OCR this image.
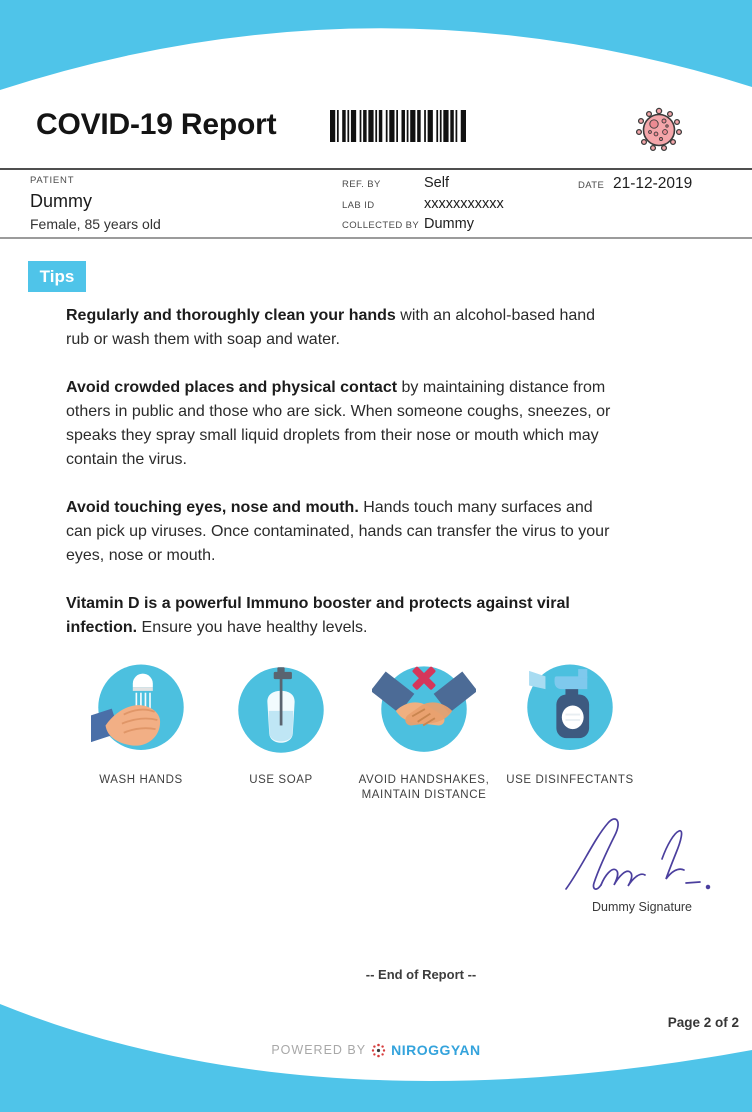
COVID-19 Report
PATIENT
Dummy
Female, 85 years old
REF. BY	Self
LAB ID	xxxxxxxxxxx
COLLECTED BY Dummy
DATE 21-12-2019
Tips

Regularly and thoroughly clean your hands with an alcohol-based hand rub or wash them with soap and water.

Avoid crowded places and physical contact by maintaining distance from others in public and those who are sick. When someone coughs, sneezes, or speaks they spray small liquid droplets from their nose or mouth which may contain the virus.

Avoid touching eyes, nose and mouth. Hands touch many surfaces and can pick up viruses. Once contaminated, hands can transfer the virus to your eyes, nose or mouth.

Vitamin D is a powerful Immuno booster and protects against viral infection. Ensure you have healthy levels.

WASH HANDS	USE SOAP	AVOID HANDSHAKES,
MAINTAIN DISTANCE
USE DISINFECTANTS
Dummy Signature
-- End of Report --
Page 2 of 2
POWERED BY NIROGGYAN
